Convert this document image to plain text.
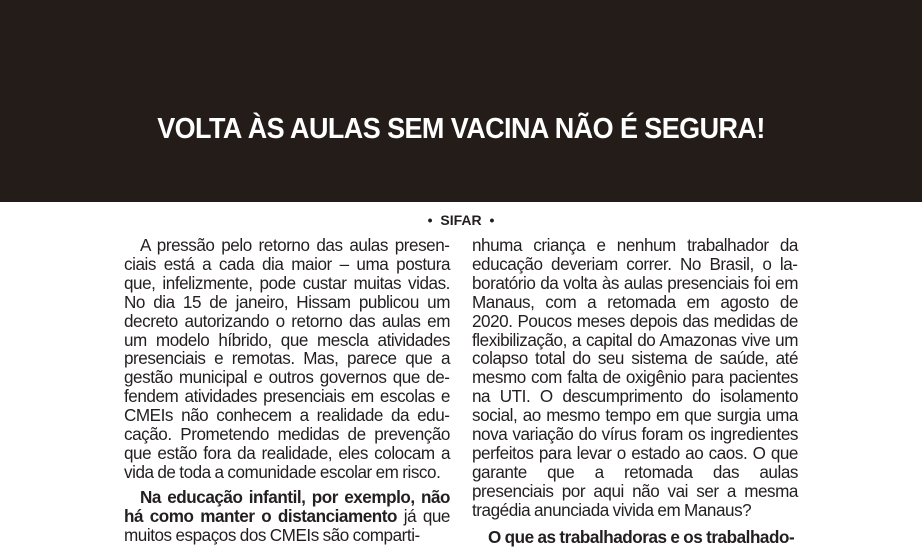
VOLTA ÀS AULAS SEM VACINA NÃO É SEGURA!
• SIFAR •

A pressão pelo retorno das aulas presenciais está a cada dia maior – uma postura que, infelizmente, pode custar muitas vidas. No dia 15 de janeiro, Hissam publicou um decreto autorizando o retorno das aulas em um modelo híbrido, que mescla atividades presenciais e remotas. Mas, parece que a gestão municipal e outros governos que defendem atividades presenciais em escolas e CMEIs não conhecem a realidade da educação. Prometendo medidas de prevenção que estão fora da realidade, eles colocam a vida de toda a comunidade escolar em risco.

Na educação infantil, por exemplo, não há como manter o distanciamento já que muitos espaços dos CMEIs são comparti-

nhuma criança e nenhum trabalhador da educação deveriam correr. No Brasil, o laboratório da volta às aulas presenciais foi em Manaus, com a retomada em agosto de 2020. Poucos meses depois das medidas de flexibilização, a capital do Amazonas vive um colapso total do seu sistema de saúde, até mesmo com falta de oxigênio para pacientes na UTI. O descumprimento do isolamento social, ao mesmo tempo em que surgia uma nova variação do vírus foram os ingredientes perfeitos para levar o estado ao caos. O que garante que a retomada das aulas presenciais por aqui não vai ser a mesma tragédia anunciada vivida em Manaus?

O que as trabalhadoras e os trabalhado-
